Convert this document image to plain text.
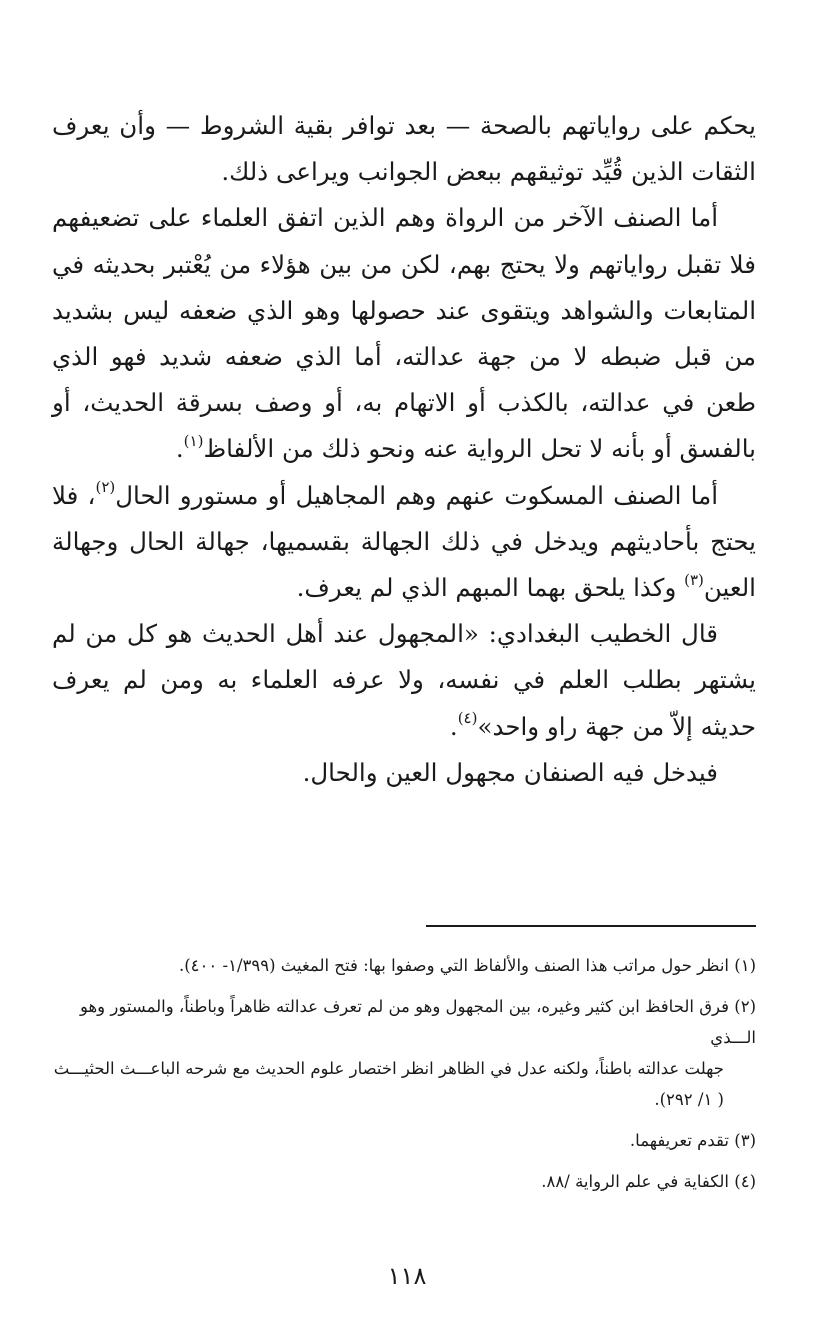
يحكم على رواياتهم بالصحة — بعد توافر بقية الشروط — وأن يعرف الثقات الذين قُيِّد توثيقهم ببعض الجوانب ويراعى ذلك.

أما الصنف الآخر من الرواة وهم الذين اتفق العلماء على تضعيفهم فلا تقبل رواياتهم ولا يحتج بهم، لكن من بين هؤلاء من يُعْتبر بحديثه في المتابعات والشواهد ويتقوى عند حصولها وهو الذي ضعفه ليس بشديد من قبل ضبطه لا من جهة عدالته، أما الذي ضعفه شديد فهو الذي طعن في عدالته، بالكذب أو الاتهام به، أو وصف بسرقة الحديث، أو بالفسق أو بأنه لا تحل الرواية عنه ونحو ذلك من الألفاظ$^{(١)}$.

أما الصنف المسكوت عنهم وهم المجاهيل أو مستورو الحال$^{(٢)}$، فلا يحتج بأحاديثهم ويدخل في ذلك الجهالة بقسميها، جهالة الحال وجهالة العين$^{(٣)}$ وكذا يلحق بهما المبهم الذي لم يعرف.

قال الخطيب البغدادي: «المجهول عند أهل الحديث هو كل من لم يشتهر بطلب العلم في نفسه، ولا عرفه العلماء به ومن لم يعرف حديثه إلاّ من جهة راو واحد»$^{(٤)}$.

فيدخل فيه الصنفان مجهول العين والحال.

(١) انظر حول مراتب هذا الصنف والألفاظ التي وصفوا بها: فتح المغيث (١/٣٩٩- ٤٠٠).

(٢) فرق الحافظ ابن كثير وغيره، بين المجهول وهو من لم تعرف عدالته ظاهراً وباطناً، والمستور وهو الـــذي
جهلت عدالته باطناً، ولكنه عدل في الظاهر انظر اختصار علوم الحديث مع شرحه الباعـــث الحثيـــث
( ١/ ٢٩٢).

(٣) تقدم تعريفهما.

(٤) الكفاية في علم الرواية /٨٨.

١١٨
